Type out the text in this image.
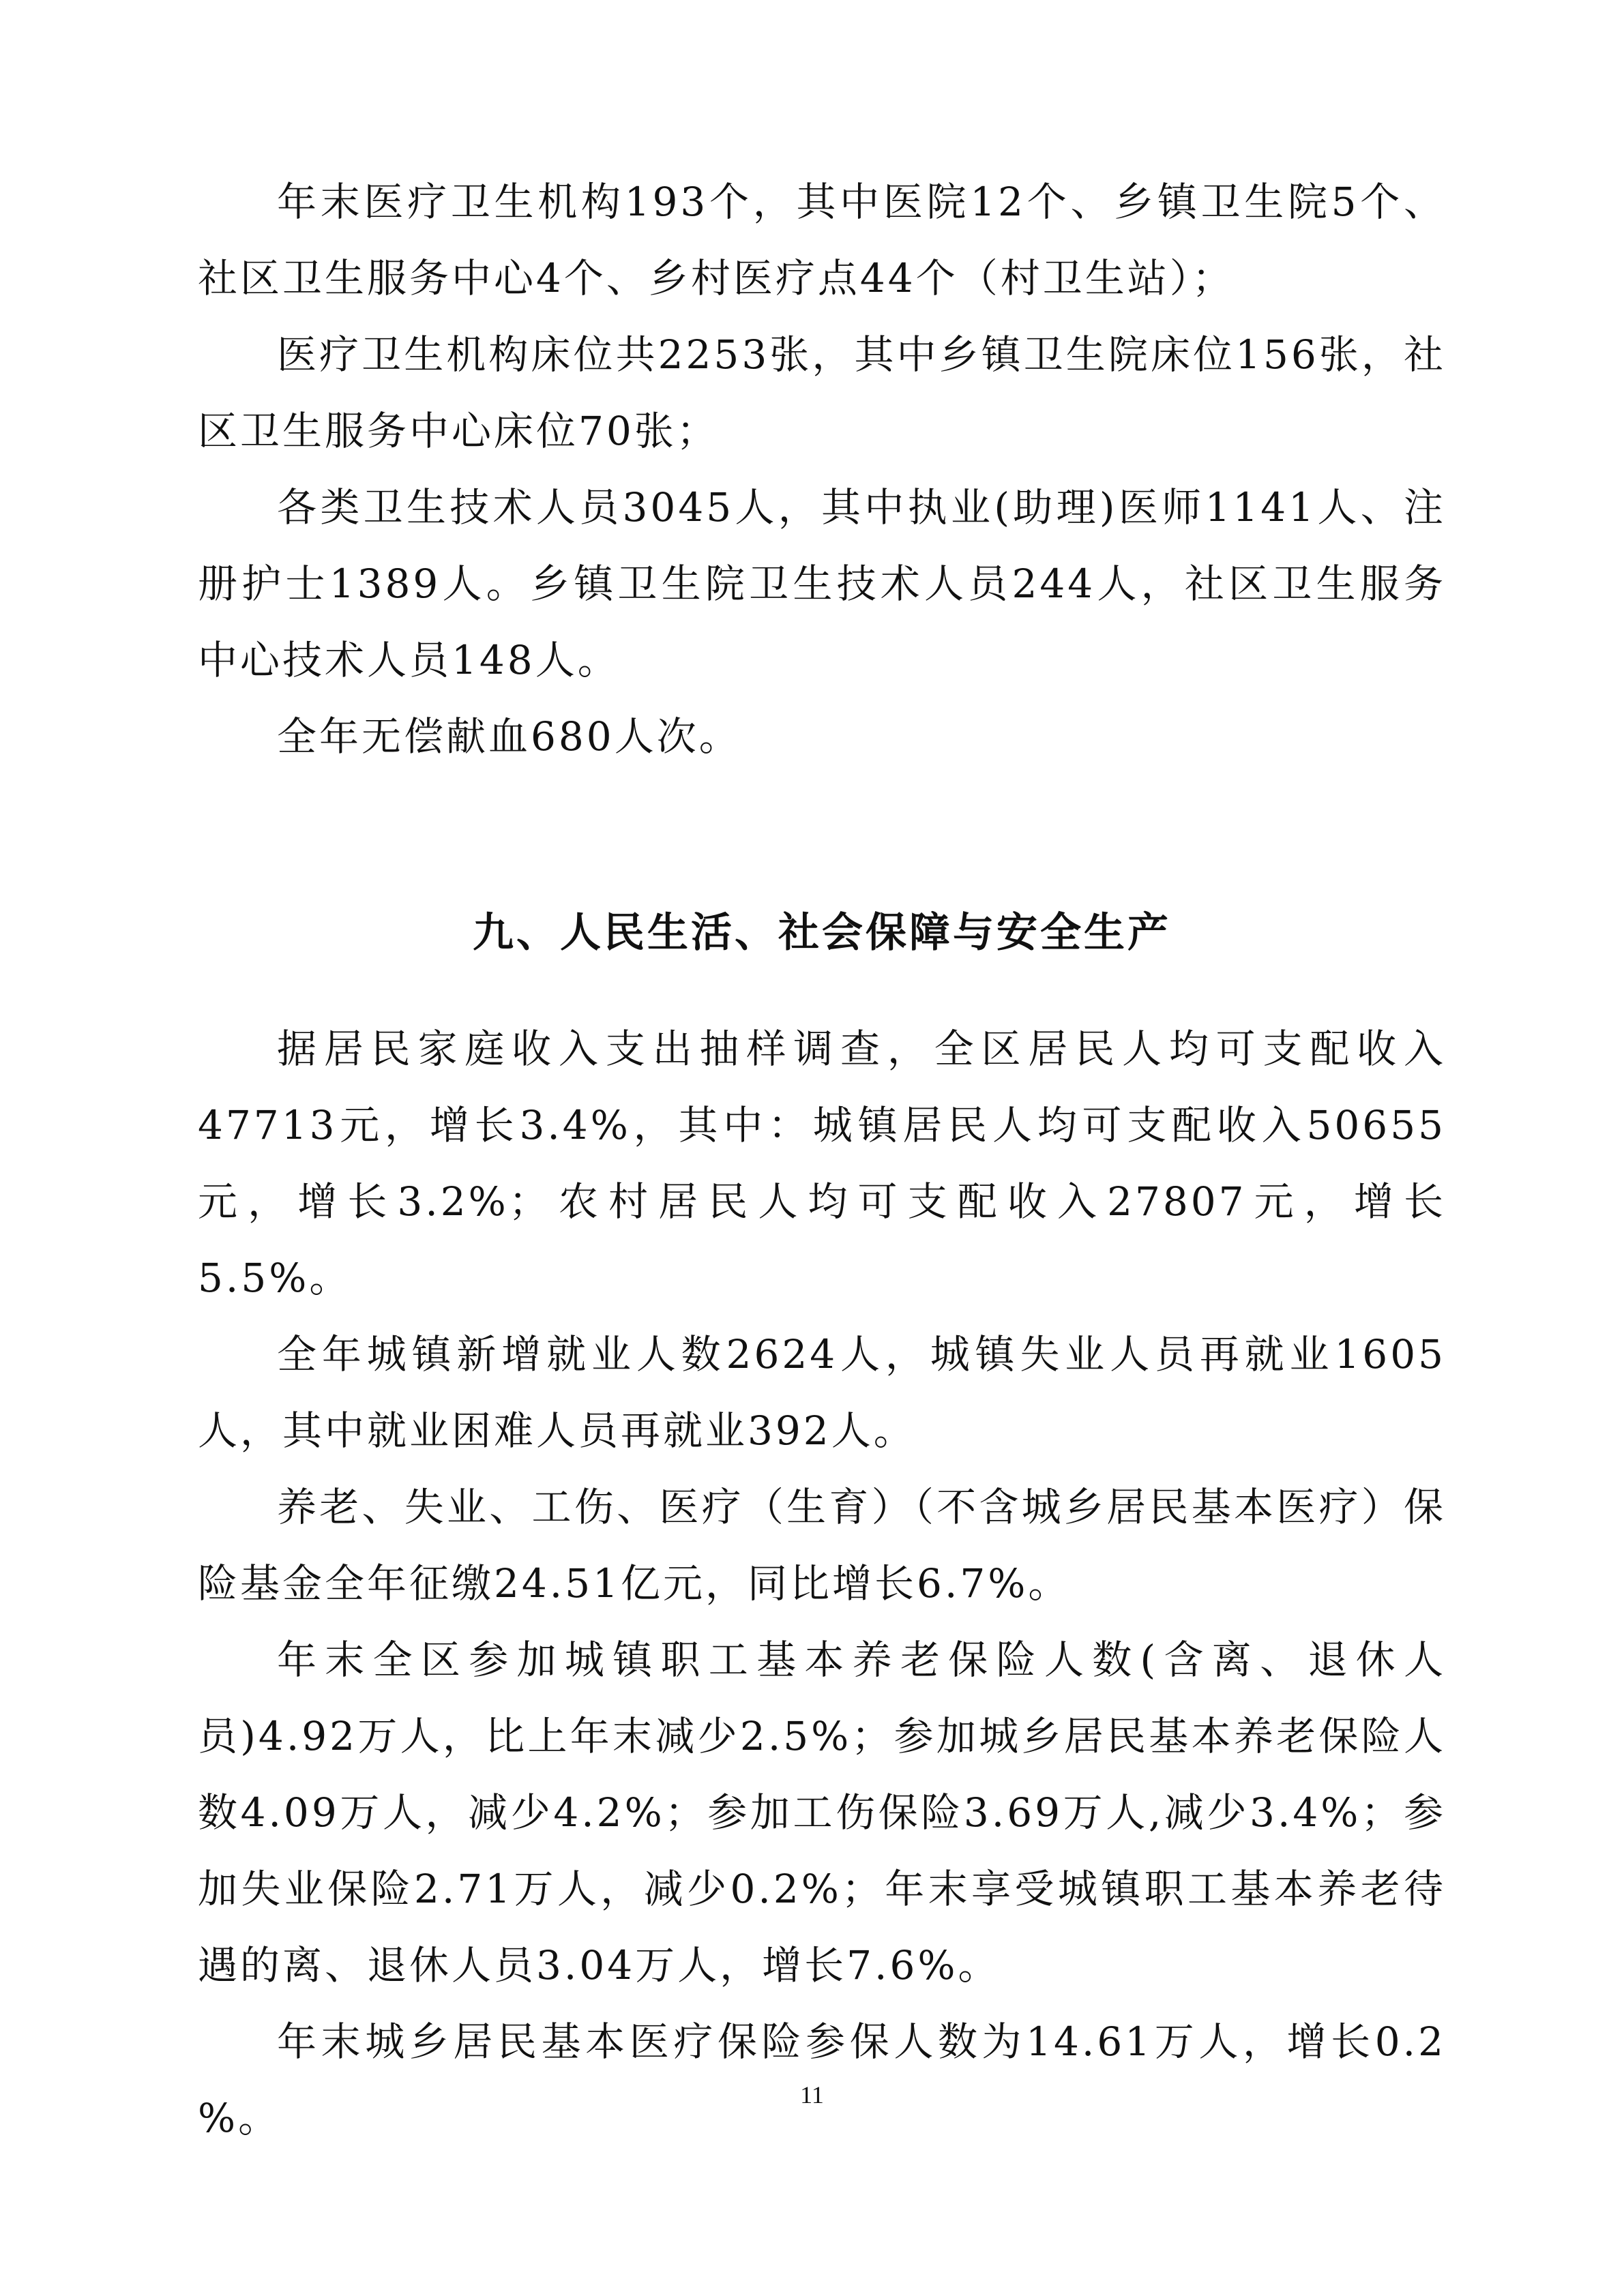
年末医疗卫生机构193个，其中医院12个、乡镇卫生院5个、社区卫生服务中心4个、乡村医疗点44个（村卫生站）；

医疗卫生机构床位共2253张，其中乡镇卫生院床位156张，社区卫生服务中心床位70张；

各类卫生技术人员3045人，其中执业(助理)医师1141人、注册护士1389人。乡镇卫生院卫生技术人员244人，社区卫生服务中心技术人员148人。

全年无偿献血680人次。

九、人民生活、社会保障与安全生产

据居民家庭收入支出抽样调查，全区居民人均可支配收入47713元，增长3.4%，其中：城镇居民人均可支配收入50655元，增长3.2%；农村居民人均可支配收入27807元，增长5.5%。

全年城镇新增就业人数2624人，城镇失业人员再就业1605人，其中就业困难人员再就业392人。

养老、失业、工伤、医疗（生育）（不含城乡居民基本医疗）保险基金全年征缴24.51亿元，同比增长6.7%。

年末全区参加城镇职工基本养老保险人数(含离、退休人员)4.92万人，比上年末减少2.5%；参加城乡居民基本养老保险人数4.09万人，减少4.2%；参加工伤保险3.69万人,减少3.4%；参加失业保险2.71万人，减少0.2%；年末享受城镇职工基本养老待遇的离、退休人员3.04万人，增长7.6%。

年末城乡居民基本医疗保险参保人数为14.61万人，增长0.2 %。	11
